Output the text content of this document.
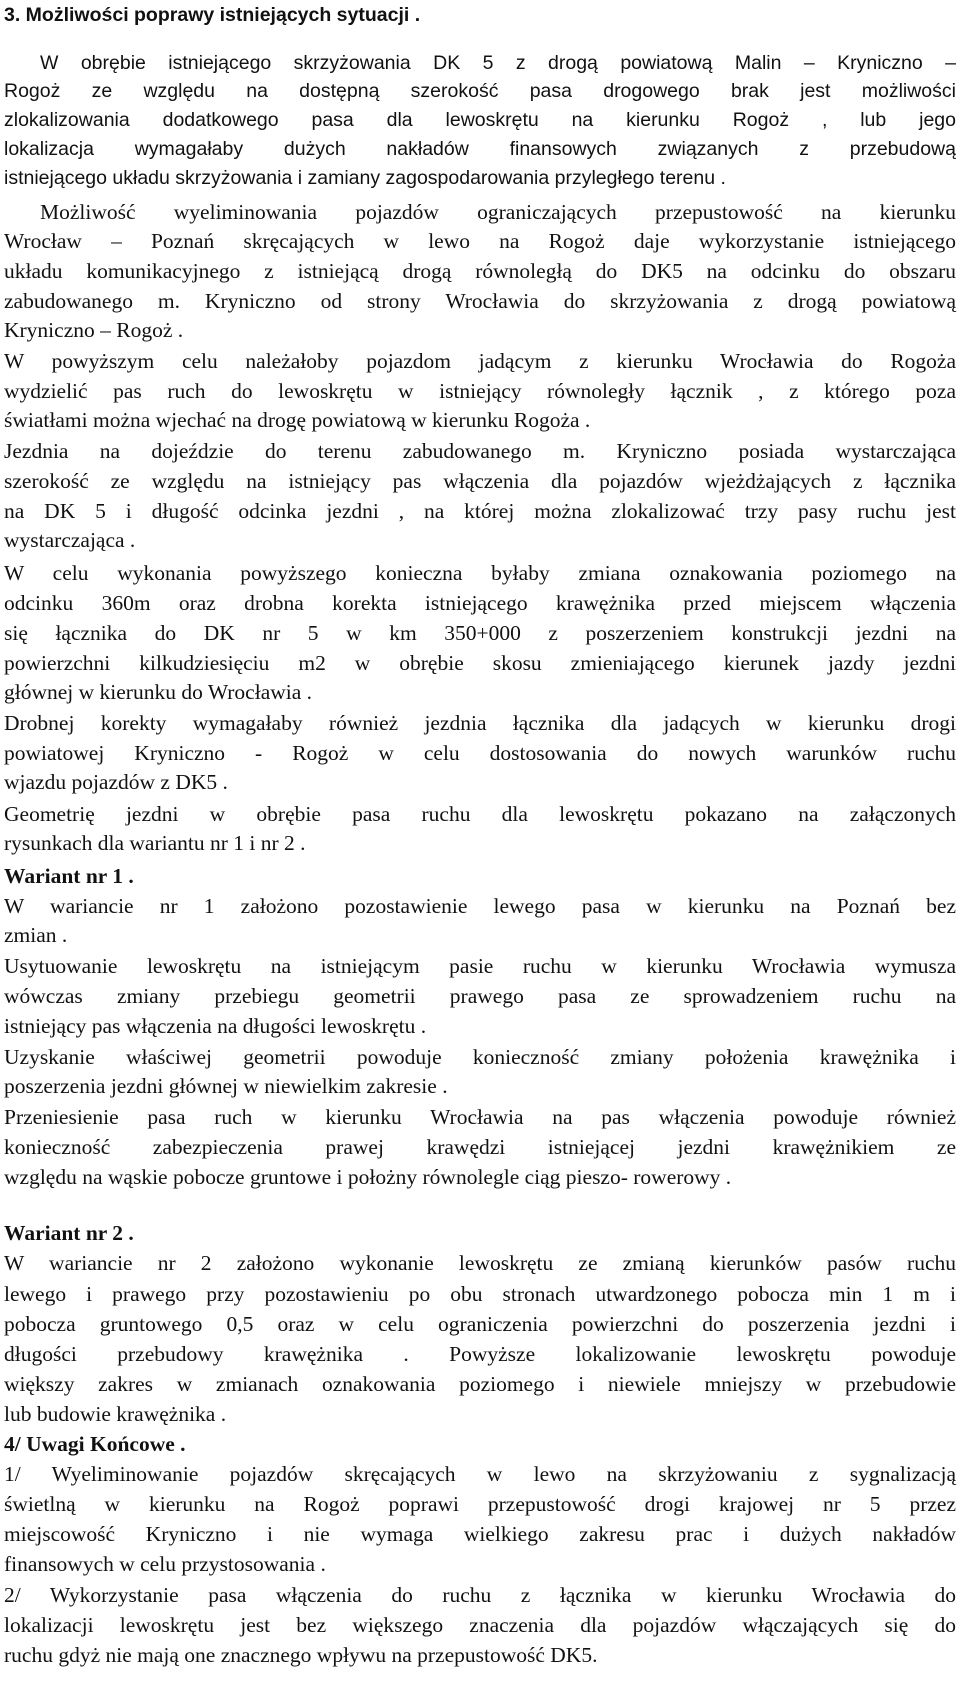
3. Możliwości poprawy istniejących sytuacji .
W obrębie istniejącego skrzyżowania DK 5 z drogą powiatową Malin – Kryniczno –
Rogoż ze względu na dostępną szerokość pasa drogowego brak jest możliwości
zlokalizowania dodatkowego pasa dla lewoskrętu na kierunku Rogoż , lub jego
lokalizacja wymagałaby dużych nakładów finansowych związanych z przebudową
istniejącego układu skrzyżowania i zamiany zagospodarowania przyległego terenu .
Możliwość wyeliminowania pojazdów ograniczających przepustowość na kierunku
Wrocław – Poznań skręcających w lewo na Rogoż daje wykorzystanie istniejącego
układu komunikacyjnego z istniejącą drogą równoległą do DK5 na odcinku do obszaru
zabudowanego m. Kryniczno od strony Wrocławia do skrzyżowania z drogą powiatową
Kryniczno – Rogoż .
W powyższym celu należałoby pojazdom jadącym z kierunku Wrocławia do Rogoża
wydzielić pas ruch do lewoskrętu w istniejący równoległy łącznik , z którego poza
światłami można wjechać na drogę powiatową w kierunku Rogoża .
Jezdnia na dojeździe do terenu zabudowanego m. Kryniczno posiada wystarczająca
szerokość ze względu na istniejący pas włączenia dla pojazdów wjeżdżających z łącznika
na DK 5 i długość odcinka jezdni , na której można zlokalizować trzy pasy ruchu jest
wystarczająca .
W celu wykonania powyższego konieczna byłaby zmiana oznakowania poziomego na
odcinku 360m oraz drobna korekta istniejącego krawężnika przed miejscem włączenia
się łącznika do DK nr 5 w km 350+000 z poszerzeniem konstrukcji jezdni na
powierzchni kilkudziesięciu m2 w obrębie skosu zmieniającego kierunek jazdy jezdni
głównej w kierunku do Wrocławia .
Drobnej korekty wymagałaby również jezdnia łącznika dla jadących w kierunku drogi
powiatowej Kryniczno - Rogoż w celu dostosowania do nowych warunków ruchu
wjazdu pojazdów z DK5 .
Geometrię jezdni w obrębie pasa ruchu dla lewoskrętu pokazano na załączonych
rysunkach dla wariantu nr 1 i nr 2 .
Wariant nr 1 .
W wariancie nr 1 założono pozostawienie lewego pasa w kierunku na Poznań bez
zmian .
Usytuowanie lewoskrętu na istniejącym pasie ruchu w kierunku Wrocławia wymusza
wówczas zmiany przebiegu geometrii prawego pasa ze sprowadzeniem ruchu na
istniejący pas włączenia na długości lewoskrętu .
Uzyskanie właściwej geometrii powoduje konieczność zmiany położenia krawężnika i
poszerzenia jezdni głównej w niewielkim zakresie .
Przeniesienie pasa ruch w kierunku Wrocławia na pas włączenia powoduje również
konieczność zabezpieczenia prawej krawędzi istniejącej jezdni krawężnikiem ze
względu na wąskie pobocze gruntowe i położny równolegle ciąg pieszo- rowerowy .
Wariant nr 2 .
W wariancie nr 2 założono wykonanie lewoskrętu ze zmianą kierunków pasów ruchu
lewego i prawego przy pozostawieniu po obu stronach utwardzonego pobocza min 1 m i
pobocza gruntowego 0,5 oraz w celu ograniczenia powierzchni do poszerzenia jezdni i
długości przebudowy krawężnika . Powyższe lokalizowanie lewoskrętu powoduje
większy zakres w zmianach oznakowania poziomego i niewiele mniejszy w przebudowie
lub budowie krawężnika .
4/ Uwagi Końcowe .
1/ Wyeliminowanie pojazdów skręcających w lewo na skrzyżowaniu z sygnalizacją
świetlną w kierunku na Rogoż poprawi przepustowość drogi krajowej nr 5 przez
miejscowość Kryniczno i nie wymaga wielkiego zakresu prac i dużych nakładów
finansowych w celu przystosowania .
2/ Wykorzystanie pasa włączenia do ruchu z łącznika w kierunku Wrocławia do
lokalizacji lewoskrętu jest bez większego znaczenia dla pojazdów włączających się do
ruchu gdyż nie mają one znacznego wpływu na przepustowość DK5.
